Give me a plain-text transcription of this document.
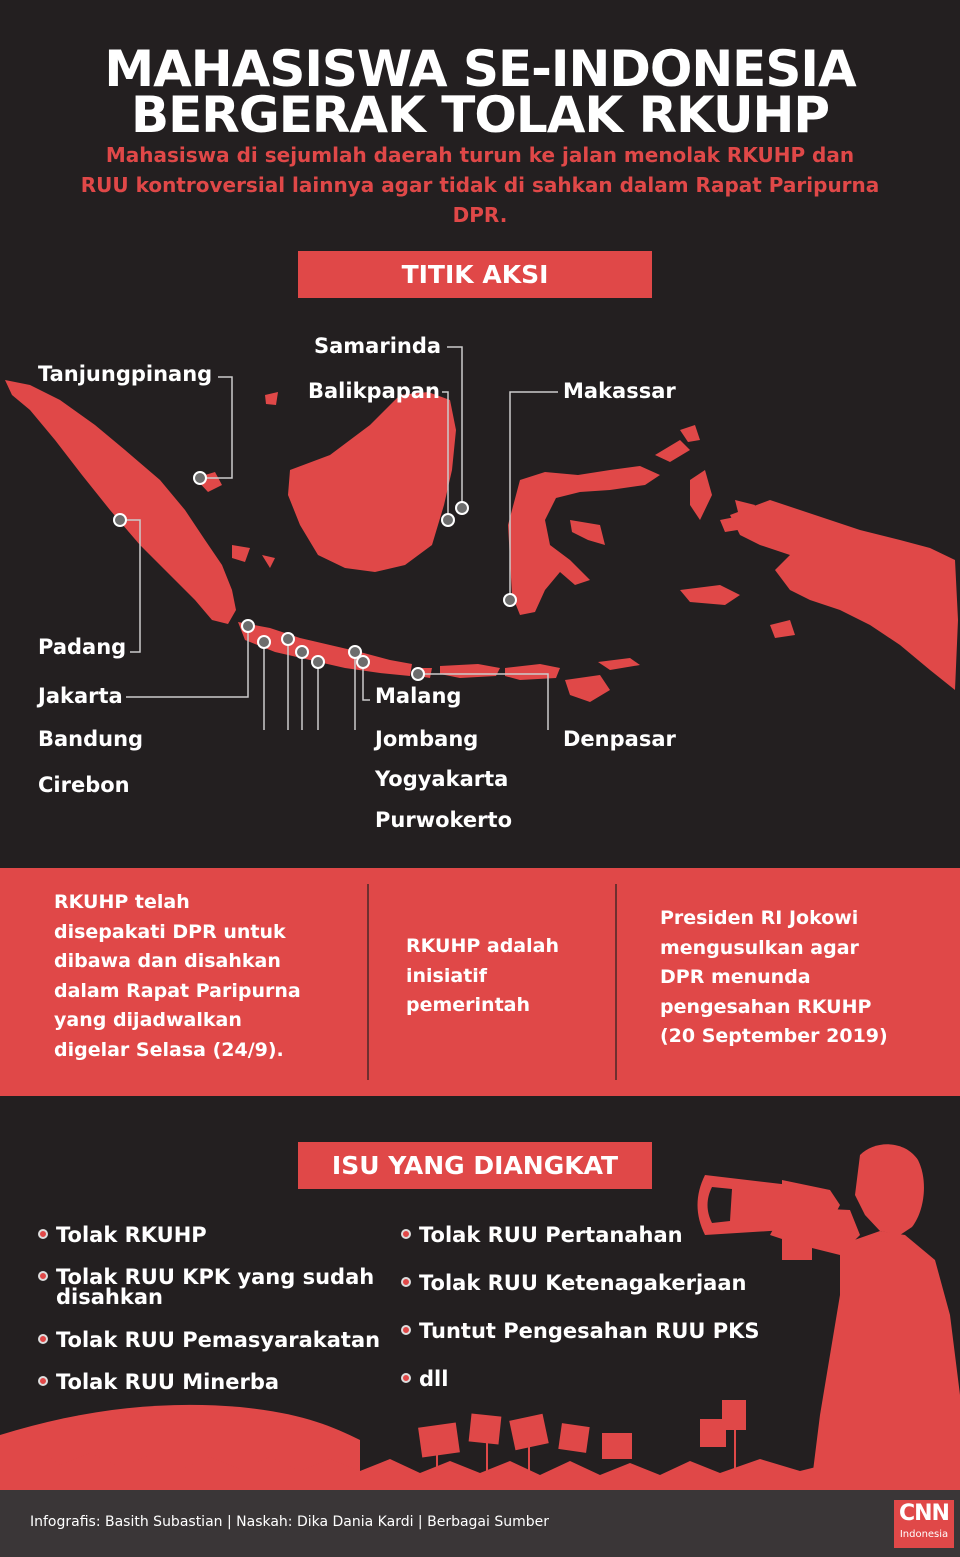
MAHASISWA SE-INDONESIA
BERGERAK TOLAK RKUHP
Mahasiswa di sejumlah daerah turun ke jalan menolak RKUHP dan RUU kontroversial lainnya agar tidak di sahkan dalam Rapat Paripurna DPR.
TITIK AKSI
Tanjungpinang
Samarinda
Balikpapan	Makassar
Padang
Jakarta
Bandung
Cirebon
Malang
Jombang
Yogyakarta
Purwokerto
Denpasar
RKUHP telah
disepakati DPR untuk
dibawa dan disahkan
dalam Rapat Paripurna
yang dijadwalkan
digelar Selasa (24/9).
RKUHP adalah
inisiatif
pemerintah
Presiden RI Jokowi
mengusulkan agar
DPR menunda
pengesahan RKUHP
(20 September 2019)
ISU YANG DIANGKAT
Tolak RKUHP
Tolak RUU KPK yang sudah
disahkan
Tolak RUU Pemasyarakatan
Tolak RUU Minerba
Tolak RUU Pertanahan
Tolak RUU Ketenagakerjaan
Tuntut Pengesahan RUU PKS
dll
Infografis: Basith Subastian | Naskah: Dika Dania Kardi | Berbagai Sumber	CNN
Indonesia
